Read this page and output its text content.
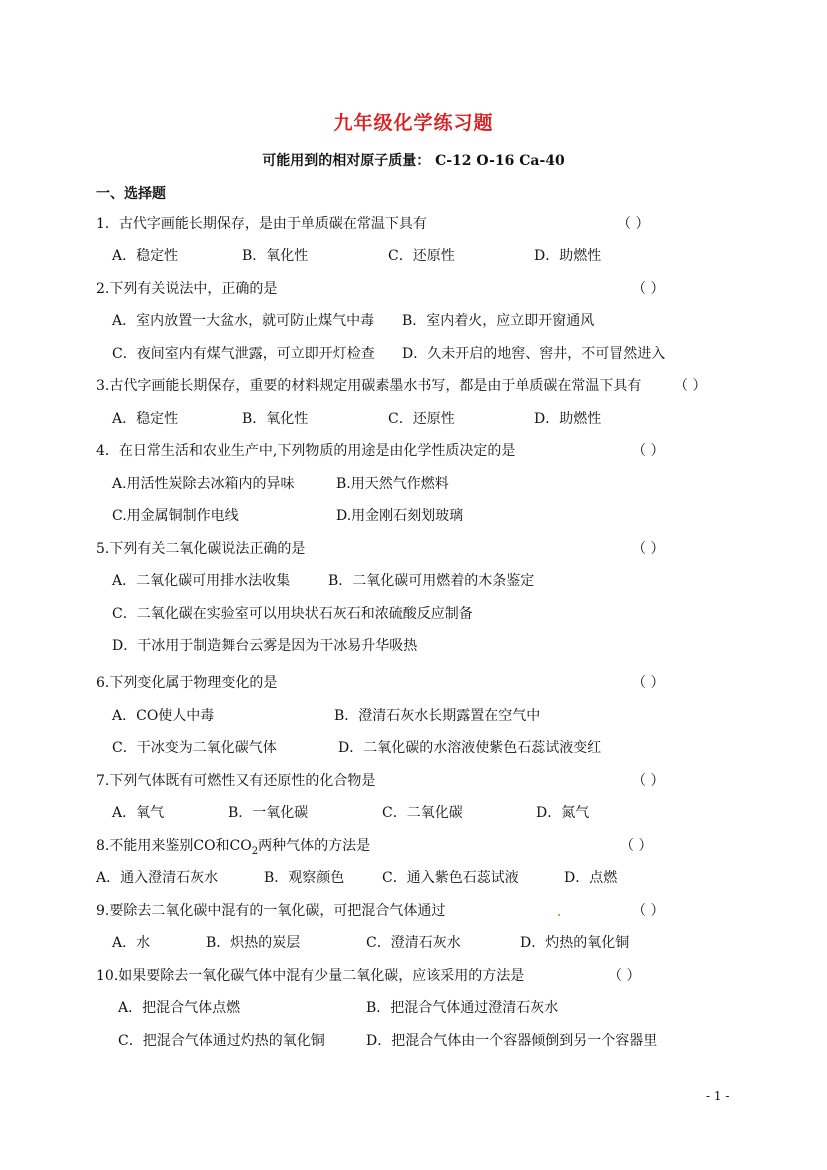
九年级化学练习题
可能用到的相对原子质量： C-12 O-16 Ca-40
一、选择题
1．古代字画能长期保存，是由于单质碳在常温下具有	（ ）
A．稳定性	B．氧化性	C．还原性	D．助燃性
2.下列有关说法中，正确的是	（ ）
A．室内放置一大盆水，就可防止煤气中毒 B．室内着火，应立即开窗通风
C．夜间室内有煤气泄露，可立即开灯检查 D．久未开启的地窖、窖井，不可冒然进入
3.古代字画能长期保存，重要的材料规定用碳素墨水书写，都是由于单质碳在常温下具有 （ ）
A．稳定性	B．氧化性	C．还原性	D．助燃性
4．在日常生活和农业生产中,下列物质的用途是由化学性质决定的是	（ ）
A.用活性炭除去冰箱内的异味	B.用天然气作燃料
C.用金属铜制作电线	D.用金刚石刻划玻璃
5.下列有关二氧化碳说法正确的是	（ ）
A．二氧化碳可用排水法收集	B．二氧化碳可用燃着的木条鉴定
C．二氧化碳在实验室可以用块状石灰石和浓硫酸反应制备
D．干冰用于制造舞台云雾是因为干冰易升华吸热
6.下列变化属于物理变化的是	（ ）
A．CO使人中毒	B．澄清石灰水长期露置在空气中
C．干冰变为二氧化碳气体	D．二氧化碳的水溶液使紫色石蕊试液变红
7.下列气体既有可燃性又有还原性的化合物是	（ ）
A．氧气	B．一氧化碳	C．二氧化碳	D．氮气
8.不能用来鉴别CO和$CO_2$两种气体的方法是	（ ）
A．通入澄清石灰水	B．观察颜色	C．通入紫色石蕊试液	D．点燃
9.要除去二氧化碳中混有的一氧化碳，可把混合气体通过	（ ）
A．水	B．炽热的炭层	C．澄清石灰水	D．灼热的氧化铜
10.如果要除去一氧化碳气体中混有少量二氧化碳，应该采用的方法是	（ ）
A．把混合气体点燃	B．把混合气体通过澄清石灰水
C．把混合气体通过灼热的氧化铜	D．把混合气体由一个容器倾倒到另一个容器里
- 1 -
